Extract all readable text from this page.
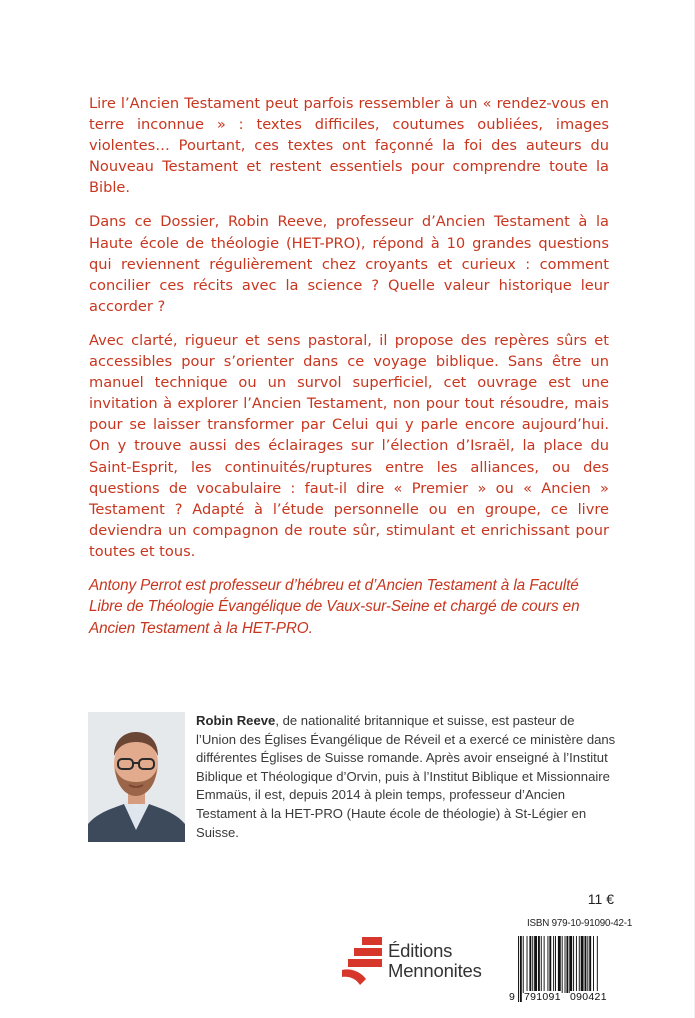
Lire l’Ancien Testament peut parfois ressembler à un « rendez-vous en terre inconnue » : textes difficiles, coutumes oubliées, images violentes… Pourtant, ces textes ont façonné la foi des auteurs du Nouveau Testament et restent essentiels pour comprendre toute la Bible.

Dans ce Dossier, Robin Reeve, professeur d’Ancien Testament à la Haute école de théologie (HET-PRO), répond à 10 grandes questions qui reviennent régulièrement chez croyants et curieux : comment concilier ces récits avec la science ? Quelle valeur historique leur accorder ?

Avec clarté, rigueur et sens pastoral, il propose des repères sûrs et accessibles pour s’orienter dans ce voyage biblique. Sans être un manuel technique ou un survol superficiel, cet ouvrage est une invitation à explorer l’Ancien Testament, non pour tout résoudre, mais pour se laisser transformer par Celui qui y parle encore aujourd’hui. On y trouve aussi des éclairages sur l’élection d’Israël, la place du Saint-Esprit, les continuités/ruptures entre les alliances, ou des questions de vocabulaire : faut-il dire « Premier » ou « Ancien » Testament ? Adapté à l’étude personnelle ou en groupe, ce livre deviendra un compagnon de route sûr, stimulant et enrichissant pour toutes et tous.

Antony Perrot est professeur d’hébreu et d’Ancien Testament à la Faculté Libre de Théologie Évangélique de Vaux-sur-Seine et chargé de cours en Ancien Testament à la HET-PRO.

Robin Reeve, de nationalité britannique et suisse, est pasteur de l’Union des Églises Évangélique de Réveil et a exercé ce ministère dans différentes Églises de Suisse romande. Après avoir enseigné à l’Institut Biblique et Théologique d’Orvin, puis à l’Institut Biblique et Missionnaire Emmaüs, il est, depuis 2014 à plein temps, professeur d’Ancien Testament à la HET-PRO (Haute école de théologie) à St-Légier en Suisse.

11 €
ISBN 979-10-91090-42-1
9 791091 090421
Éditions
Mennonites
